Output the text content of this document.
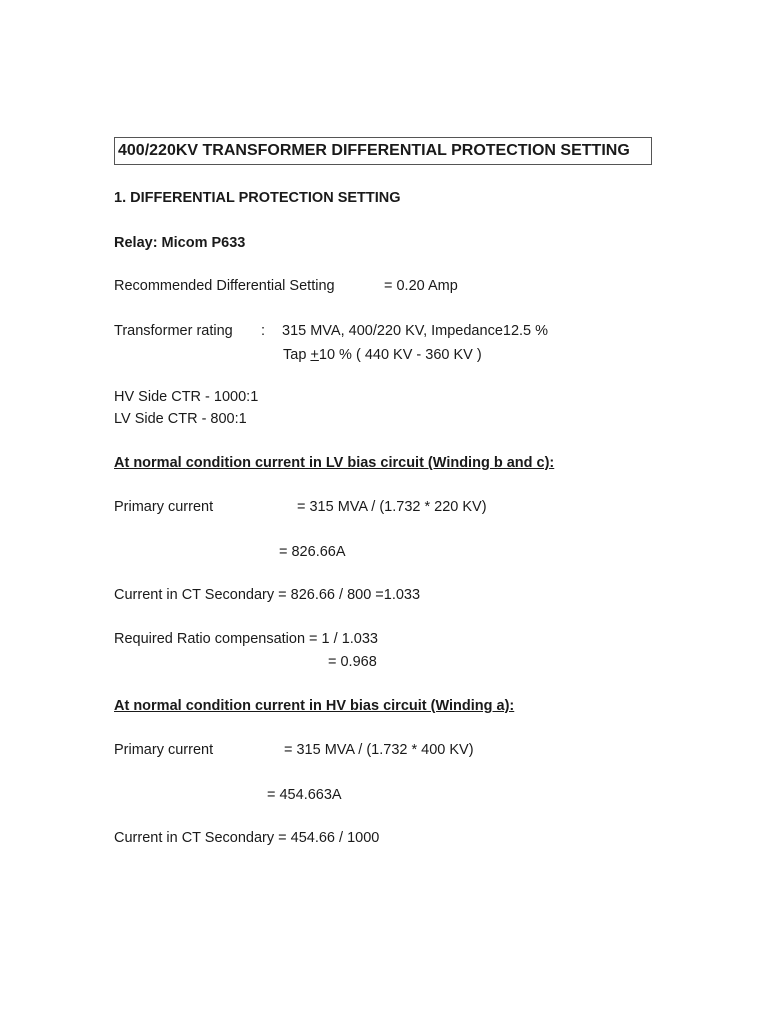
400/220KV TRANSFORMER DIFFERENTIAL PROTECTION SETTING
1. DIFFERENTIAL PROTECTION SETTING
Relay: Micom P633
Recommended Differential Setting	= 0.20 Amp
Transformer rating : 315 MVA, 400/220 KV, Impedance12.5 %
Tap +10 % ( 440 KV - 360 KV )
HV Side CTR - 1000:1
LV Side CTR - 800:1
At normal condition current in LV bias circuit (Winding b and c):
Primary current	= 315 MVA / (1.732 * 220 KV)
= 826.66A
Current in CT Secondary = 826.66 / 800 =1.033
Required Ratio compensation = 1 / 1.033
= 0.968
At normal condition current in HV bias circuit (Winding a):
Primary current	= 315 MVA / (1.732 * 400 KV)
= 454.663A
Current in CT Secondary = 454.66 / 1000
